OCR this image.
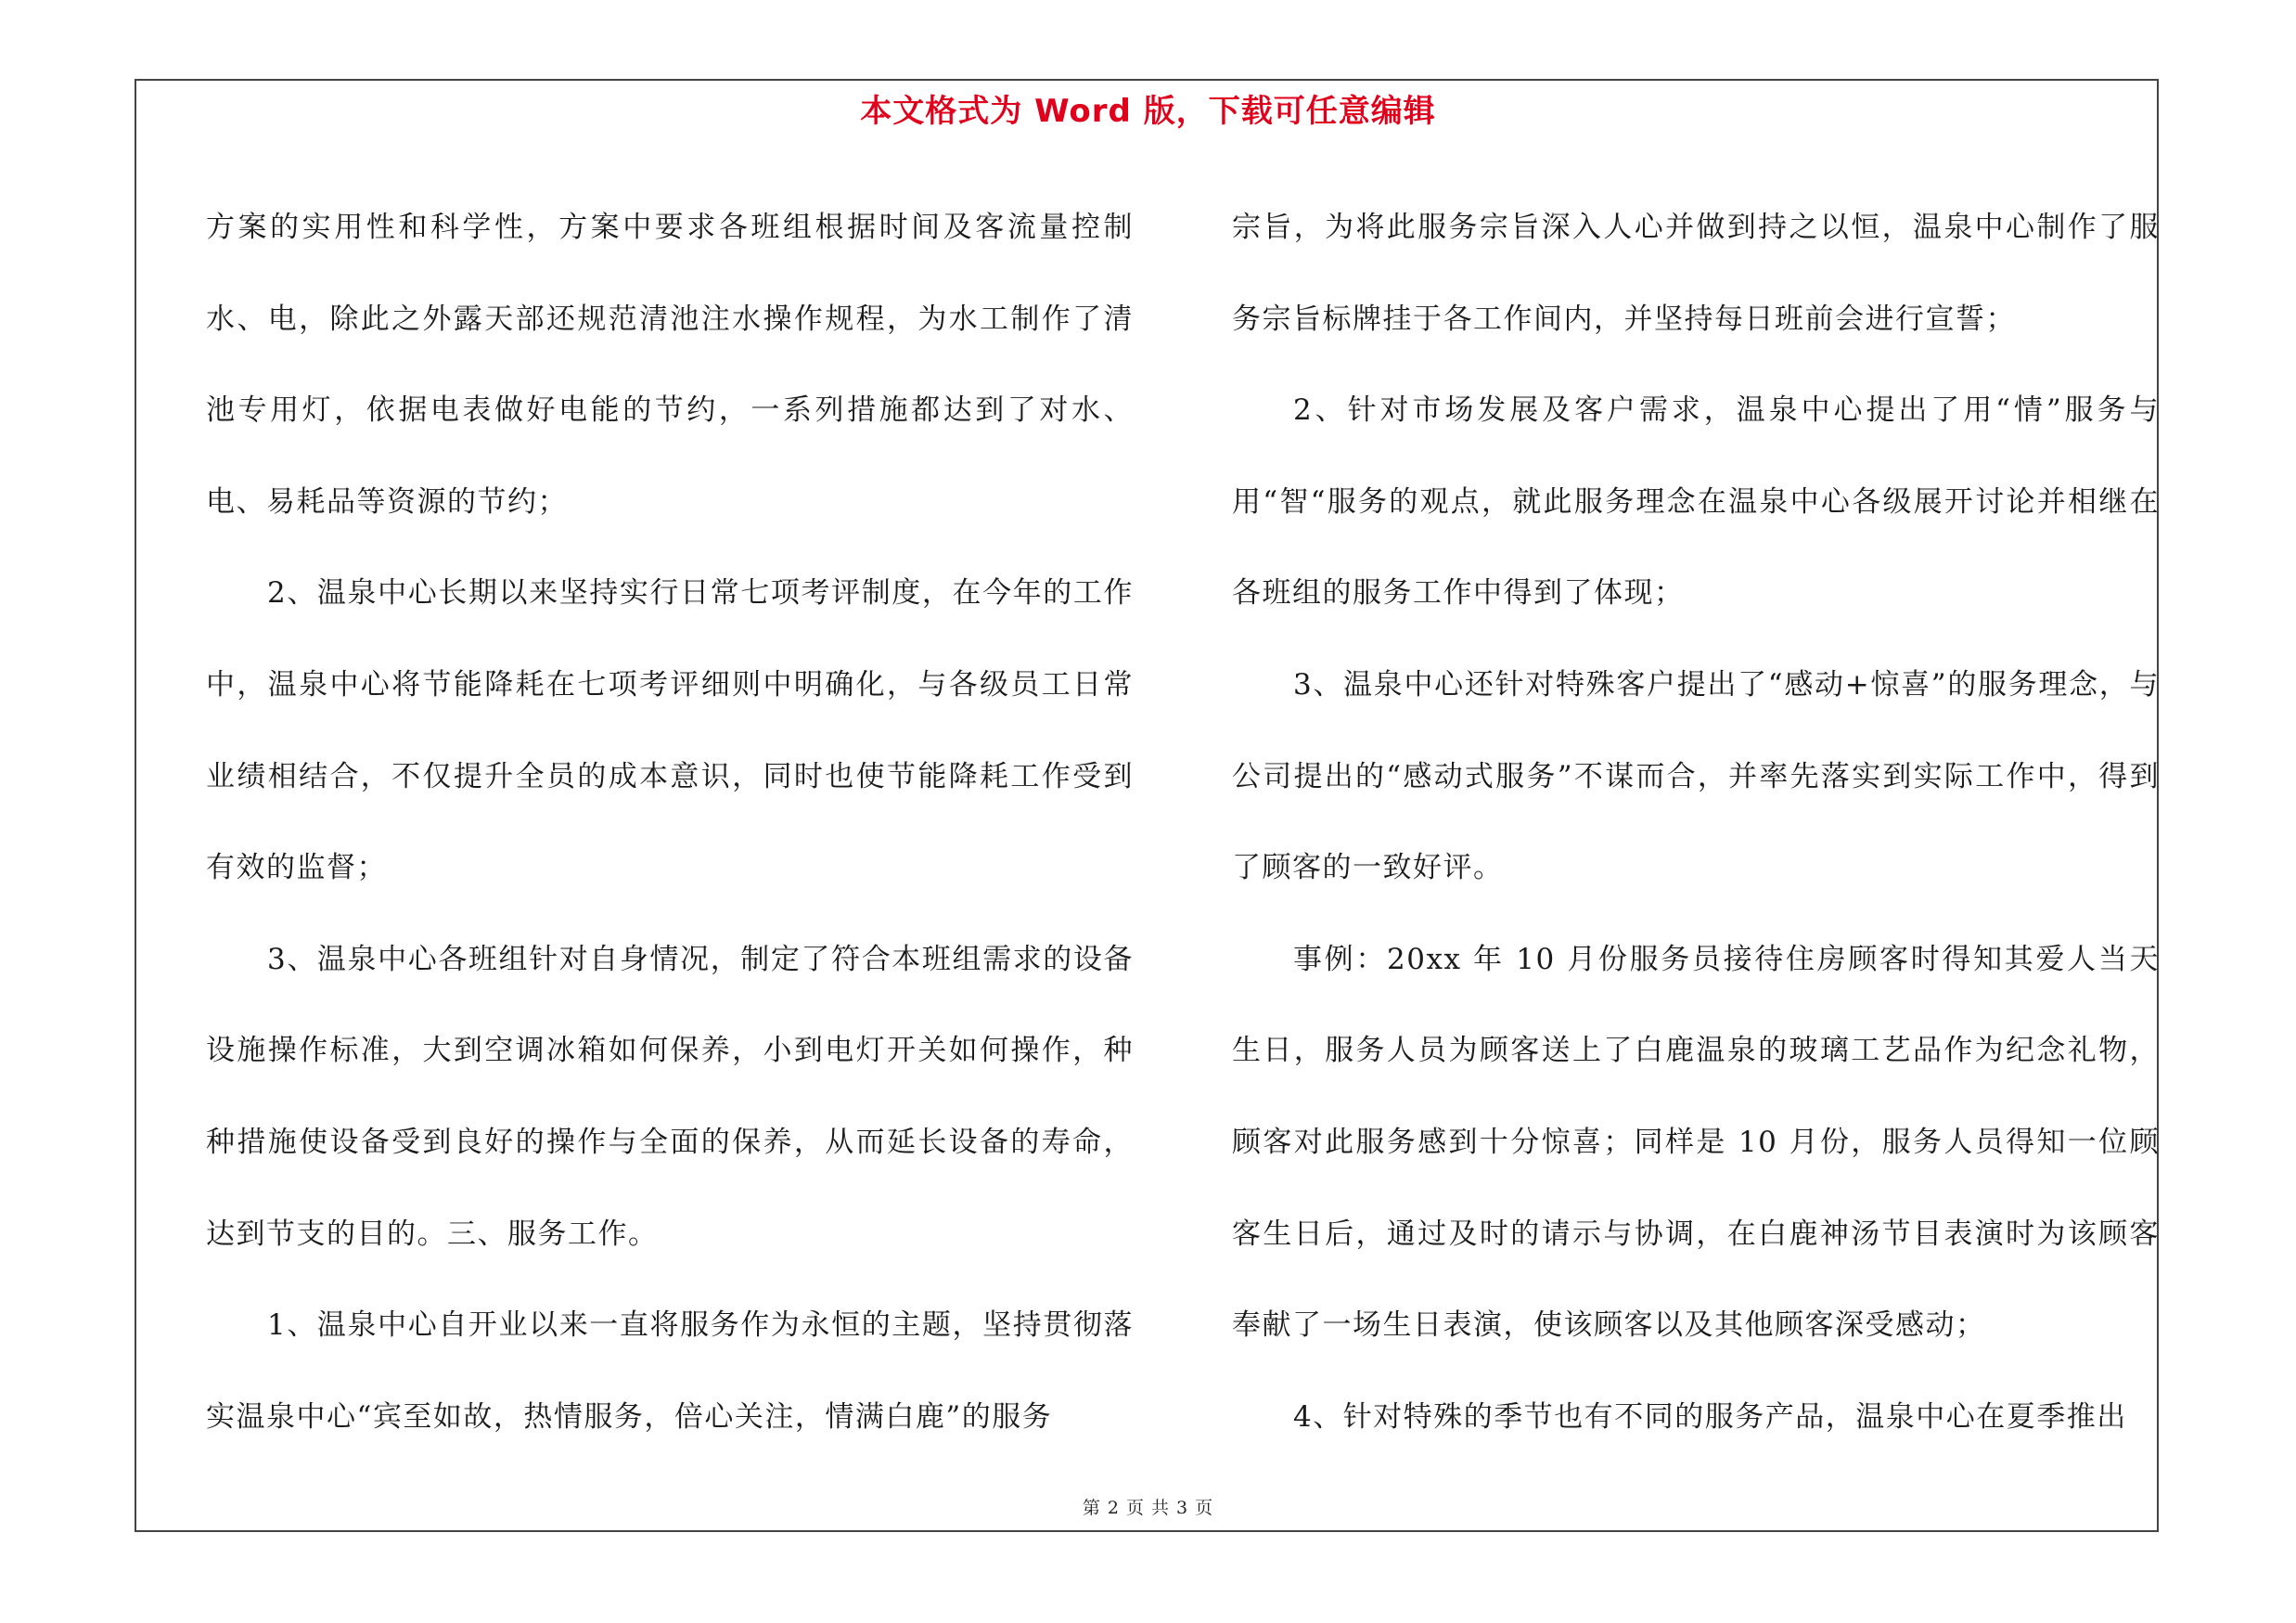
本文格式为 Word 版，下载可任意编辑

方案的实用性和科学性，方案中要求各班组根据时间及客流量控制水、电，除此之外露天部还规范清池注水操作规程，为水工制作了清池专用灯，依据电表做好电能的节约，一系列措施都达到了对水、电、易耗品等资源的节约；

2、温泉中心长期以来坚持实行日常七项考评制度，在今年的工作中，温泉中心将节能降耗在七项考评细则中明确化，与各级员工日常业绩相结合，不仅提升全员的成本意识，同时也使节能降耗工作受到有效的监督；

3、温泉中心各班组针对自身情况，制定了符合本班组需求的设备设施操作标准，大到空调冰箱如何保养，小到电灯开关如何操作，种种措施使设备受到良好的操作与全面的保养，从而延长设备的寿命，达到节支的目的。三、服务工作。

1、温泉中心自开业以来一直将服务作为永恒的主题，坚持贯彻落实温泉中心“宾至如故，热情服务，倍心关注，情满白鹿”的服务

宗旨，为将此服务宗旨深入人心并做到持之以恒，温泉中心制作了服务宗旨标牌挂于各工作间内，并坚持每日班前会进行宣誓；

2、针对市场发展及客户需求，温泉中心提出了用“情”服务与用“智“服务的观点，就此服务理念在温泉中心各级展开讨论并相继在各班组的服务工作中得到了体现；

3、温泉中心还针对特殊客户提出了“感动+惊喜”的服务理念，与公司提出的“感动式服务”不谋而合，并率先落实到实际工作中，得到了顾客的一致好评。

事例：20xx 年 10 月份服务员接待住房顾客时得知其爱人当天生日，服务人员为顾客送上了白鹿温泉的玻璃工艺品作为纪念礼物，顾客对此服务感到十分惊喜；同样是 10 月份，服务人员得知一位顾客生日后，通过及时的请示与协调，在白鹿神汤节目表演时为该顾客奉献了一场生日表演，使该顾客以及其他顾客深受感动；

4、针对特殊的季节也有不同的服务产品，温泉中心在夏季推出

第 2 页 共 3 页
